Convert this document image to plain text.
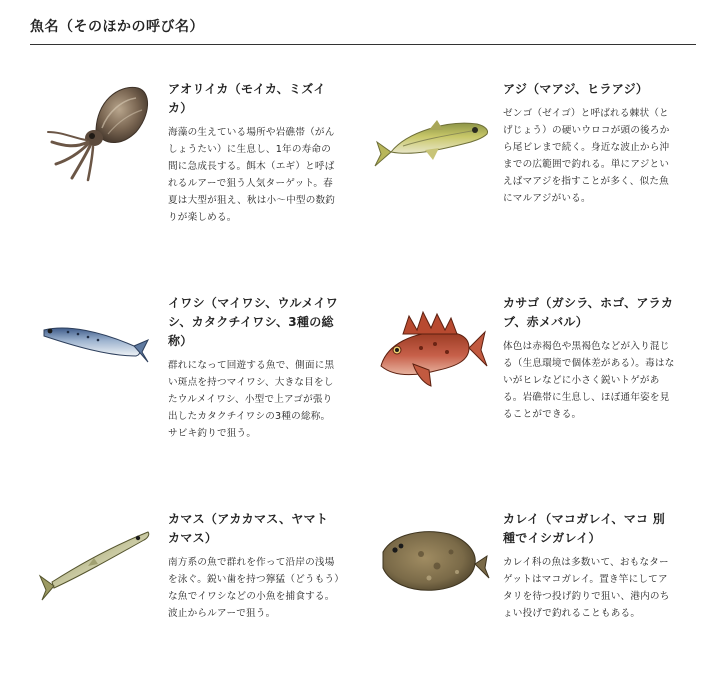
魚名（そのほかの呼び名）
アオリイカ（モイカ、ミズイカ）

海藻の生えている場所や岩礁帯（がんしょうたい）に生息し、1年の寿命の間に急成長する。餌木（エギ）と呼ばれるルアーで狙う人気ターゲット。春夏は大型が狙え、秋は小〜中型の数釣りが楽しめる。

アジ（マアジ、ヒラアジ）

ゼンゴ（ゼイゴ）と呼ばれる棘状（とげじょう）の硬いウロコが頭の後ろから尾ビレまで続く。身近な波止から沖までの広範囲で釣れる。単にアジといえばマアジを指すことが多く、似た魚にマルアジがいる。

イワシ（マイワシ、ウルメイワシ、カタクチイワシ、3種の総称）

群れになって回遊する魚で、側面に黒い斑点を持つマイワシ、大きな目をしたウルメイワシ、小型で上アゴが張り出したカタクチイワシの3種の総称。サビキ釣りで狙う。

カサゴ（ガシラ、ホゴ、アラカブ、赤メバル）

体色は赤褐色や黒褐色などが入り混じる（生息環境で個体差がある）。毒はないがヒレなどに小さく鋭いトゲがある。岩礁帯に生息し、ほぼ通年姿を見ることができる。

カマス（アカカマス、ヤマトカマス）

南方系の魚で群れを作って沿岸の浅場を泳ぐ。鋭い歯を持つ獰猛（どうもう）な魚でイワシなどの小魚を捕食する。波止からルアーで狙う。

カレイ（マコガレイ、マコ 別種でイシガレイ）

カレイ科の魚は多数いて、おもなターゲットはマコガレイ。置き竿にしてアタリを待つ投げ釣りで狙い、港内のちょい投げで釣れることもある。
